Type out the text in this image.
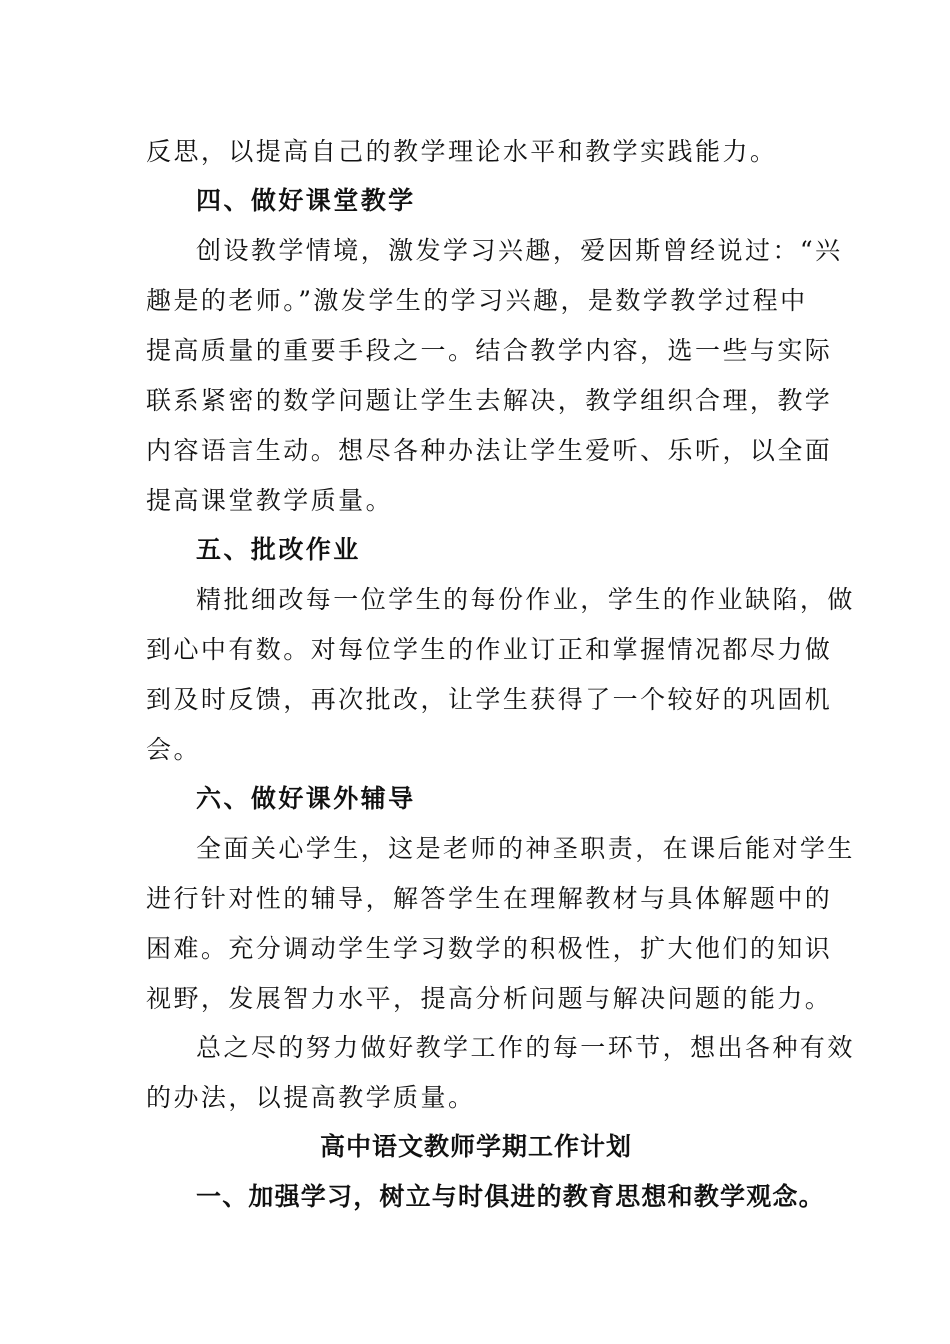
反思，以提高自己的教学理论水平和教学实践能力。
四、做好课堂教学
创设教学情境，激发学习兴趣，爱因斯曾经说过：“兴
趣是的老师。”激发学生的学习兴趣，是数学教学过程中
提高质量的重要手段之一。结合教学内容，选一些与实际
联系紧密的数学问题让学生去解决，教学组织合理，教学
内容语言生动。想尽各种办法让学生爱听、乐听，以全面
提高课堂教学质量。
五、批改作业
精批细改每一位学生的每份作业，学生的作业缺陷，做
到心中有数。对每位学生的作业订正和掌握情况都尽力做
到及时反馈，再次批改，让学生获得了一个较好的巩固机
会。
六、做好课外辅导
全面关心学生，这是老师的神圣职责，在课后能对学生
进行针对性的辅导，解答学生在理解教材与具体解题中的
困难。充分调动学生学习数学的积极性，扩大他们的知识
视野，发展智力水平，提高分析问题与解决问题的能力。
总之尽的努力做好教学工作的每一环节，想出各种有效
的办法，以提高教学质量。
高中语文教师学期工作计划
一、加强学习，树立与时俱进的教育思想和教学观念。
